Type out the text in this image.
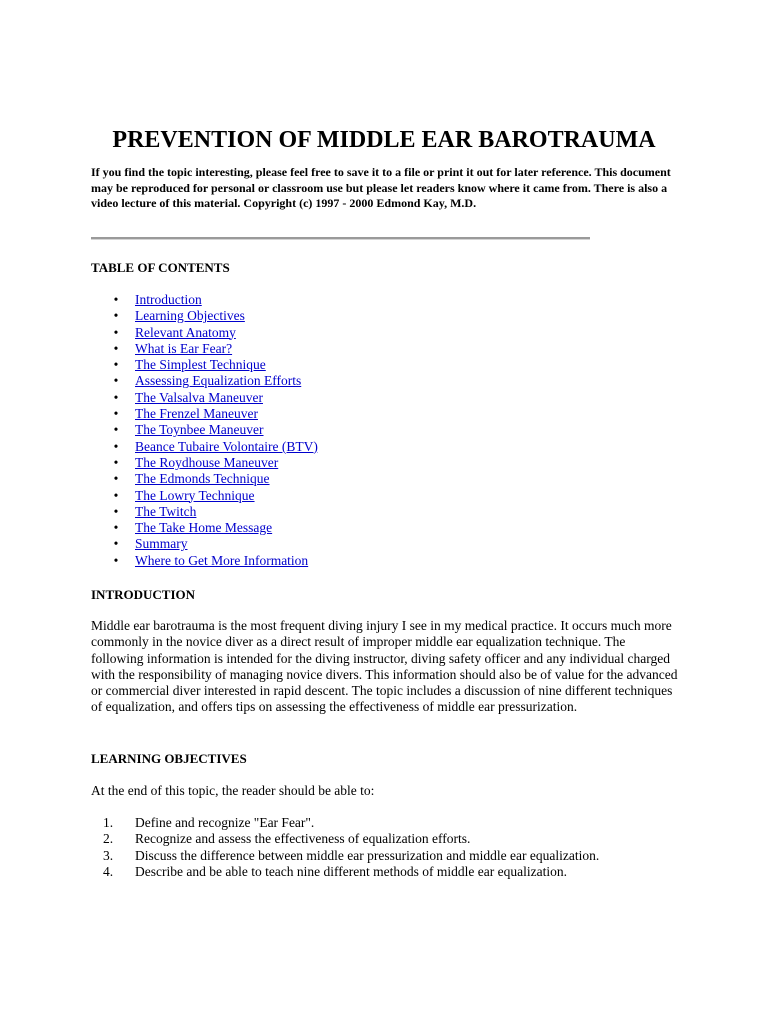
PREVENTION OF MIDDLE EAR BAROTRAUMA

If you find the topic interesting, please feel free to save it to a file or print it out for later reference. This document may be reproduced for personal or classroom use but please let readers know where it came from. There is also a video lecture of this material. Copyright (c) 1997 - 2000 Edmond Kay, M.D.

TABLE OF CONTENTS
• Introduction
• Learning Objectives
• Relevant Anatomy
• What is Ear Fear?
• The Simplest Technique
• Assessing Equalization Efforts
• The Valsalva Maneuver
• The Frenzel Maneuver
• The Toynbee Maneuver
• Beance Tubaire Volontaire (BTV)
• The Roydhouse Maneuver
• The Edmonds Technique
• The Lowry Technique
• The Twitch
• The Take Home Message
• Summary
• Where to Get More Information
INTRODUCTION

Middle ear barotrauma is the most frequent diving injury I see in my medical practice. It occurs much more commonly in the novice diver as a direct result of improper middle ear equalization technique. The following information is intended for the diving instructor, diving safety officer and any individual charged with the responsibility of managing novice divers. This information should also be of value for the advanced or commercial diver interested in rapid descent. The topic includes a discussion of nine different techniques of equalization, and offers tips on assessing the effectiveness of middle ear pressurization.

LEARNING OBJECTIVES

At the end of this topic, the reader should be able to:

1. Define and recognize "Ear Fear".
2. Recognize and assess the effectiveness of equalization efforts.
3. Discuss the difference between middle ear pressurization and middle ear equalization.
4. Describe and be able to teach nine different methods of middle ear equalization.
